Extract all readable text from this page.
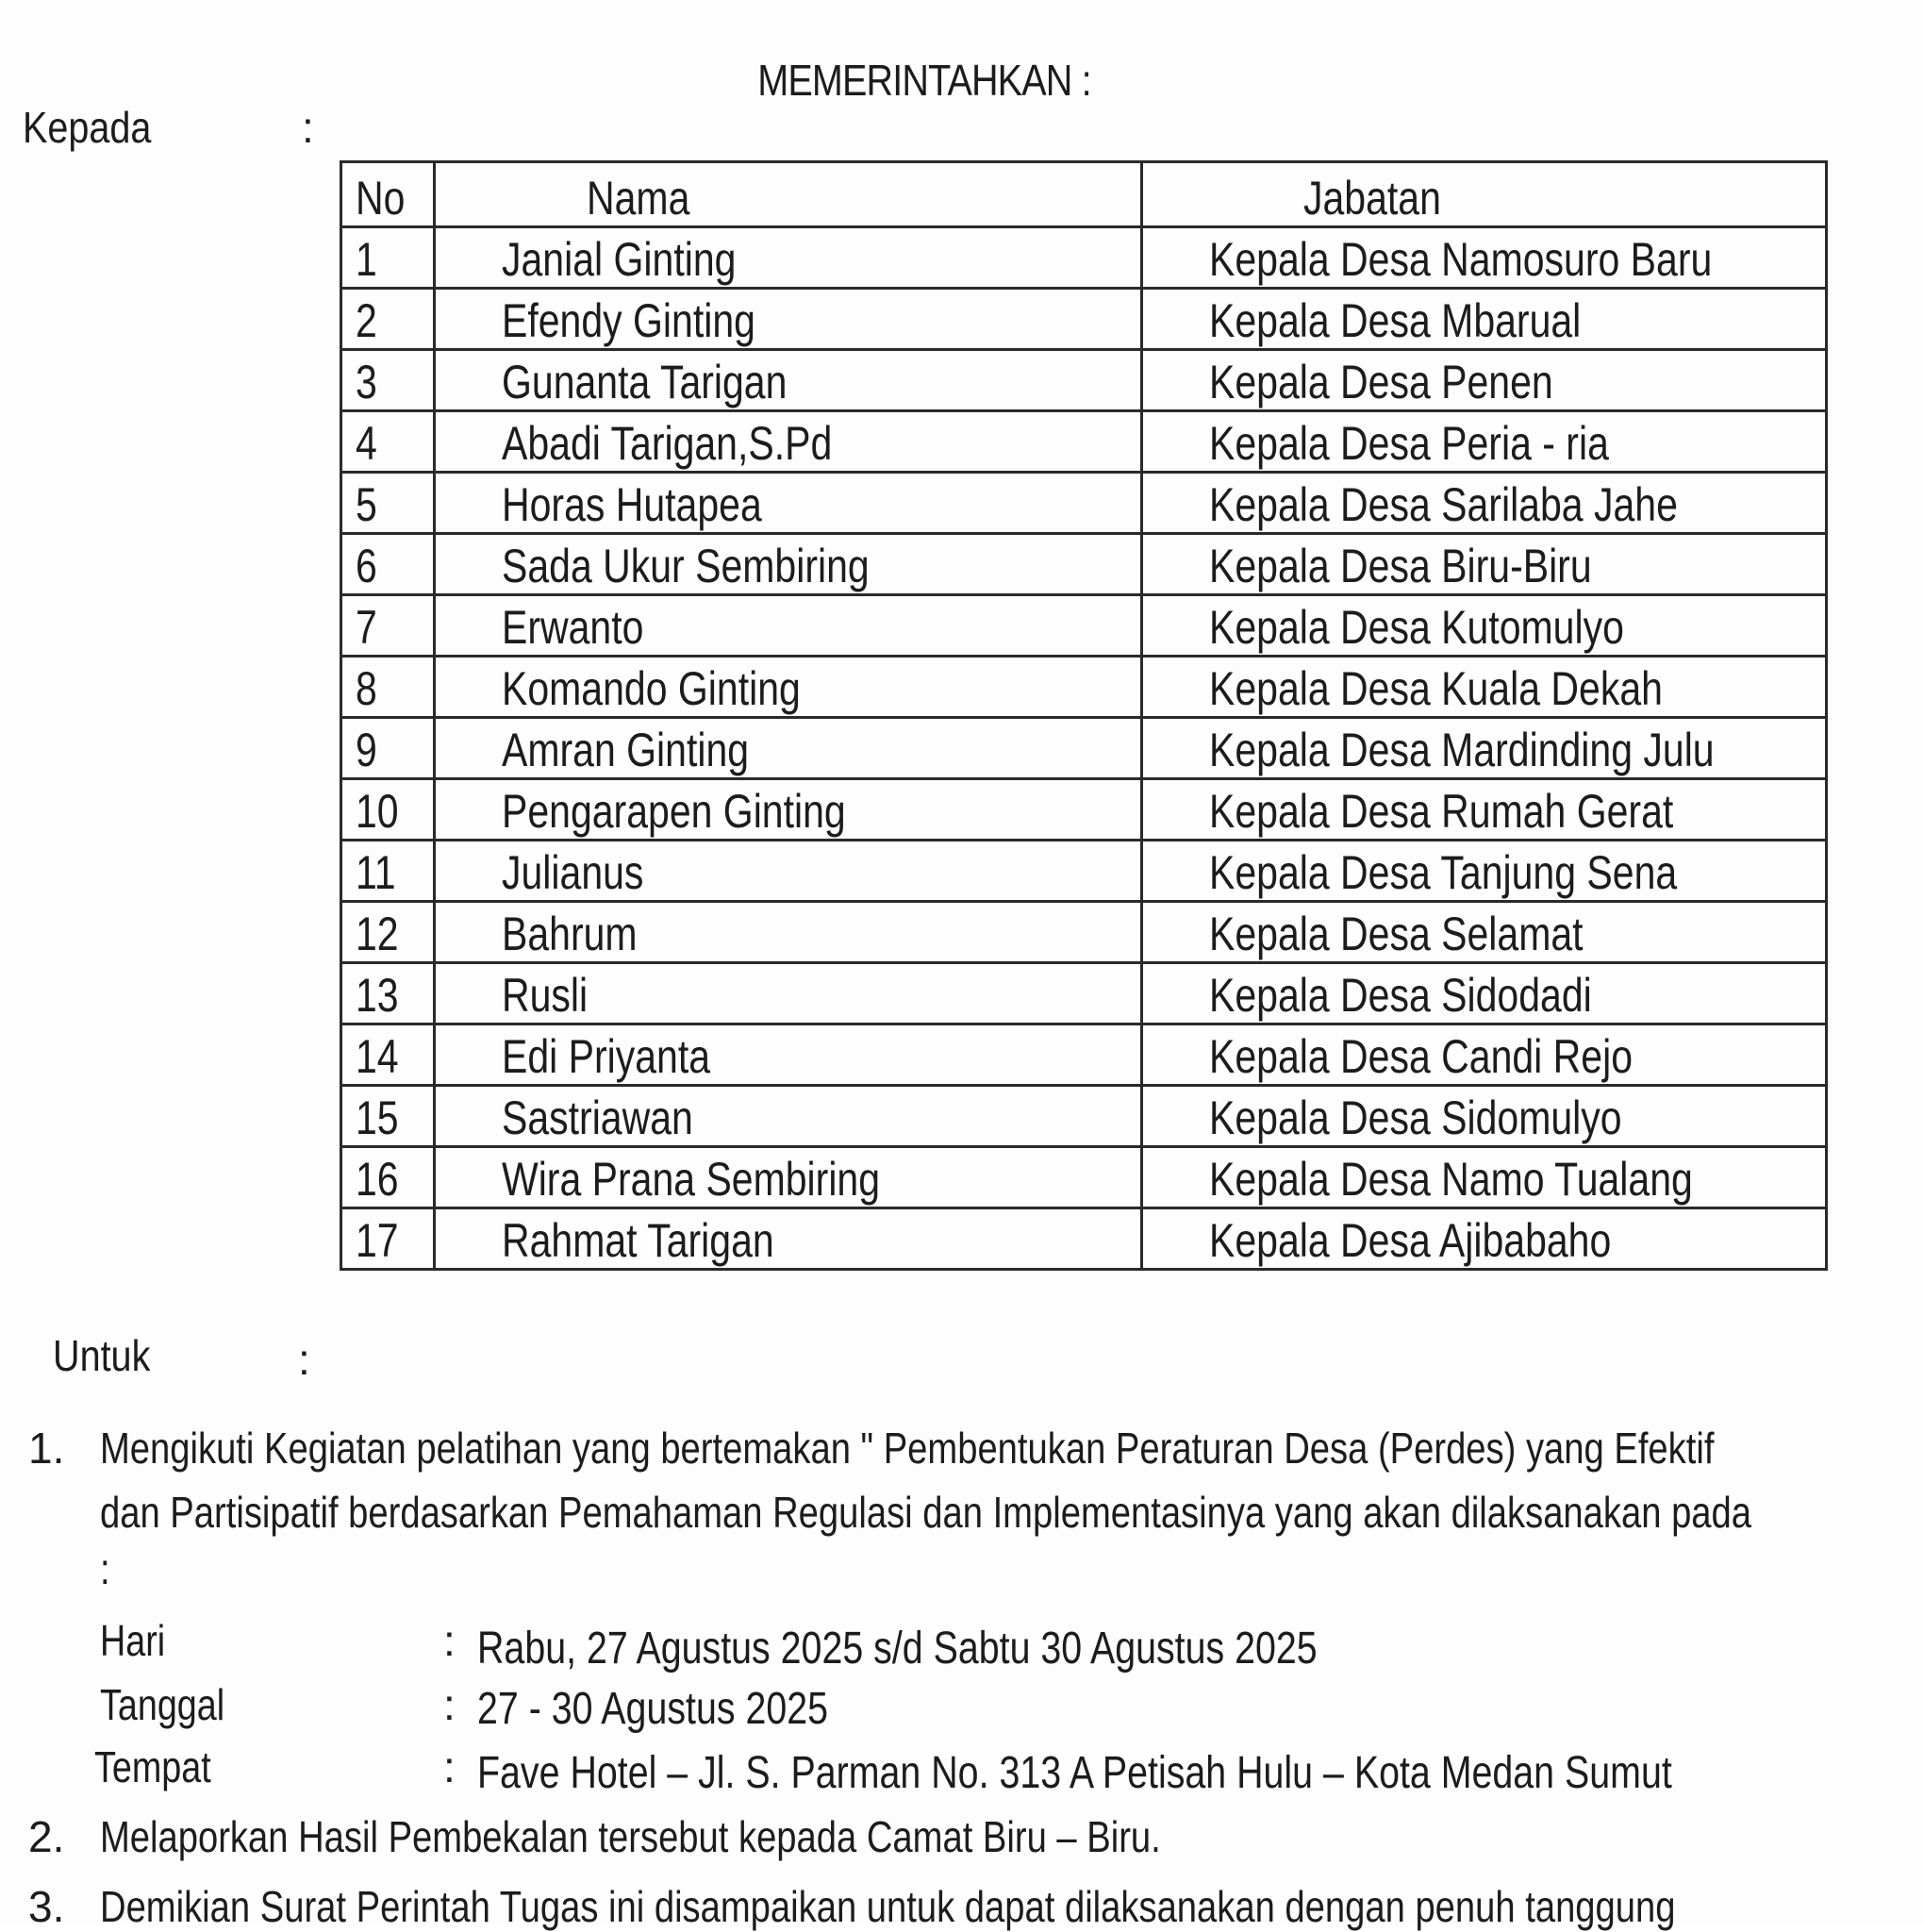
MEMERINTAHKAN :
Kepada	:
No	Nama	Jabatan
1	Janial Ginting	Kepala Desa Namosuro Baru
2	Efendy Ginting	Kepala Desa Mbarual
3	Gunanta Tarigan	Kepala Desa Penen
4	Abadi Tarigan,S.Pd	Kepala Desa Peria - ria
5	Horas Hutapea	Kepala Desa Sarilaba Jahe
6	Sada Ukur Sembiring	Kepala Desa Biru-Biru
7	Erwanto	Kepala Desa Kutomulyo
8	Komando Ginting	Kepala Desa Kuala Dekah
9	Amran Ginting	Kepala Desa Mardinding Julu
10	Pengarapen Ginting	Kepala Desa Rumah Gerat
11	Julianus	Kepala Desa Tanjung Sena
12	Bahrum	Kepala Desa Selamat
13	Rusli	Kepala Desa Sidodadi
14	Edi Priyanta	Kepala Desa Candi Rejo
15	Sastriawan	Kepala Desa Sidomulyo
16	Wira Prana Sembiring	Kepala Desa Namo Tualang
17	Rahmat Tarigan	Kepala Desa Ajibabaho
Untuk	:
1. Mengikuti Kegiatan pelatihan yang bertemakan " Pembentukan Peraturan Desa (Perdes) yang Efektif
dan Partisipatif berdasarkan Pemahaman Regulasi dan Implementasinya yang akan dilaksanakan pada
:
Hari	: Rabu, 27 Agustus 2025 s/d Sabtu 30 Agustus 2025
Tanggal	: 27 - 30 Agustus 2025
Tempat	: Fave Hotel – Jl. S. Parman No. 313 A Petisah Hulu – Kota Medan Sumut
2. Melaporkan Hasil Pembekalan tersebut kepada Camat Biru – Biru.
3. Demikian Surat Perintah Tugas ini disampaikan untuk dapat dilaksanakan dengan penuh tanggung
